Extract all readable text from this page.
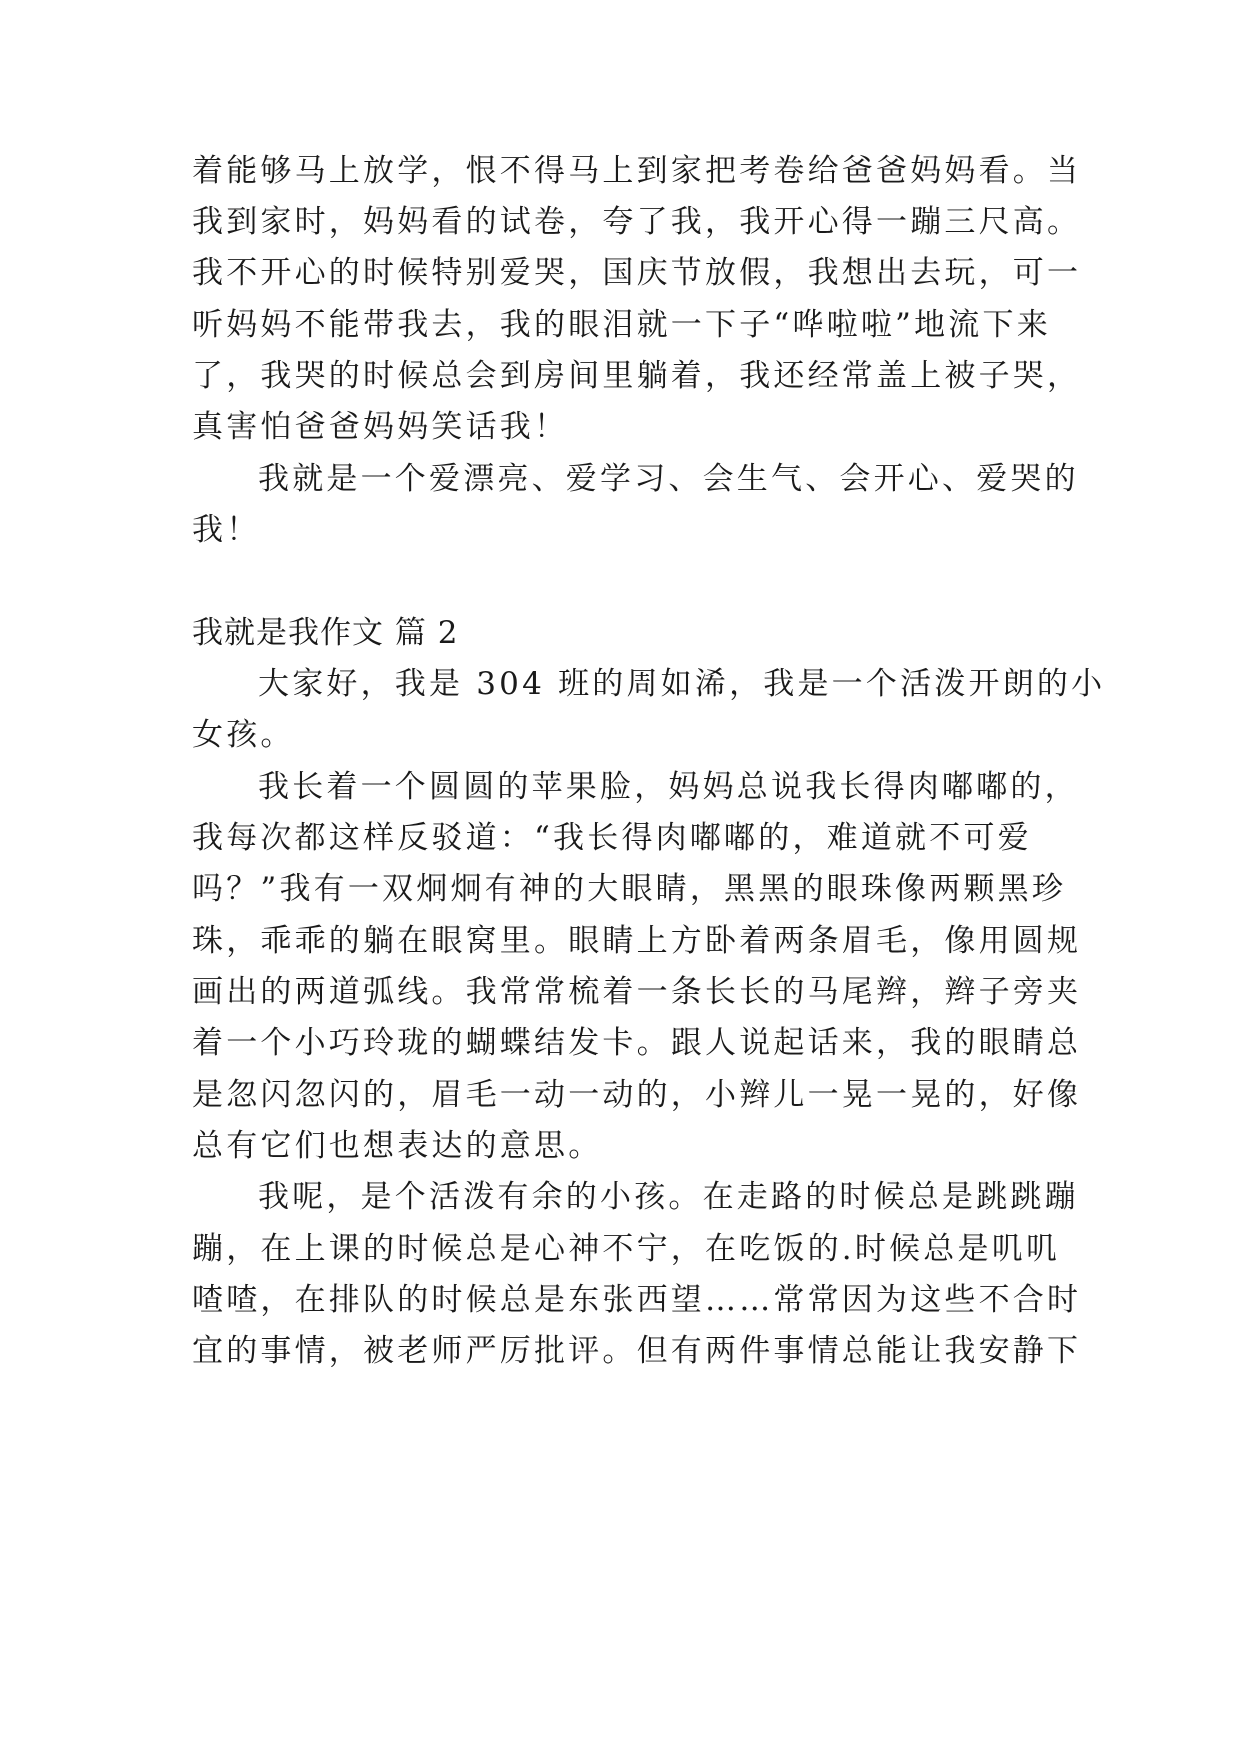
着能够马上放学，恨不得马上到家把考卷给爸爸妈妈看。当
我到家时，妈妈看的试卷，夸了我，我开心得一蹦三尺高。
我不开心的时候特别爱哭，国庆节放假，我想出去玩，可一
听妈妈不能带我去，我的眼泪就一下子“哗啦啦”地流下来
了，我哭的时候总会到房间里躺着，我还经常盖上被子哭，
真害怕爸爸妈妈笑话我！
我就是一个爱漂亮、爱学习、会生气、会开心、爱哭的
我！
我就是我作文 篇 2
大家好，我是 304 班的周如浠，我是一个活泼开朗的小
女孩。
我长着一个圆圆的苹果脸，妈妈总说我长得肉嘟嘟的，
我每次都这样反驳道：“我长得肉嘟嘟的，难道就不可爱
吗？”我有一双炯炯有神的大眼睛，黑黑的眼珠像两颗黑珍
珠，乖乖的躺在眼窝里。眼睛上方卧着两条眉毛，像用圆规
画出的两道弧线。我常常梳着一条长长的马尾辫，辫子旁夹
着一个小巧玲珑的蝴蝶结发卡。跟人说起话来，我的眼睛总
是忽闪忽闪的，眉毛一动一动的，小辫儿一晃一晃的，好像
总有它们也想表达的意思。
我呢，是个活泼有余的小孩。在走路的时候总是跳跳蹦
蹦，在上课的时候总是心神不宁，在吃饭的.时候总是叽叽
喳喳，在排队的时候总是东张西望……常常因为这些不合时
宜的事情，被老师严厉批评。但有两件事情总能让我安静下
